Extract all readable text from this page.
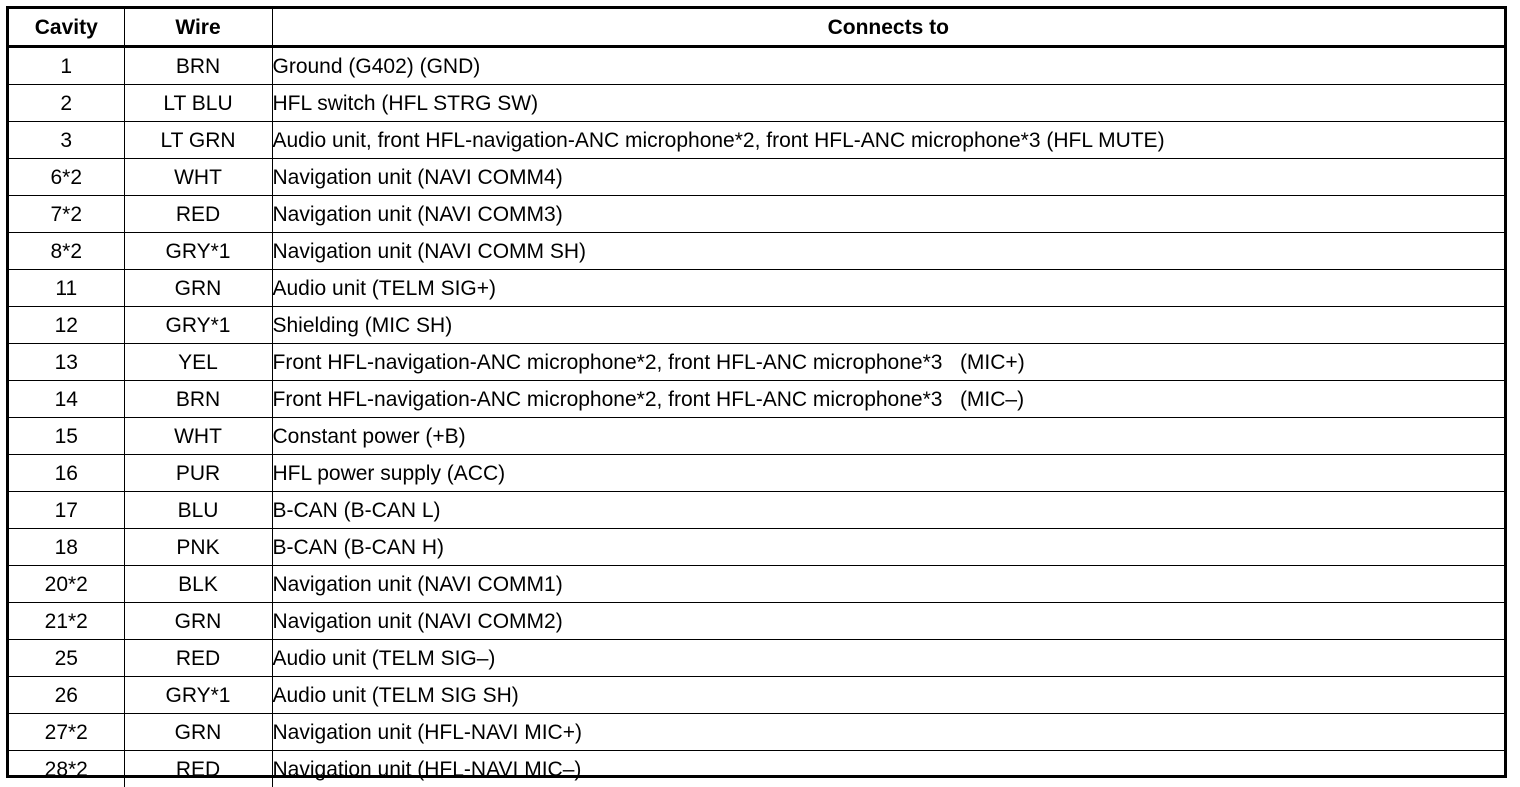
Cavity	Wire	Connects to
1	BRN	Ground (G402) (GND)
2	LT BLU	HFL switch (HFL STRG SW)
3	LT GRN	Audio unit, front HFL-navigation-ANC microphone*2, front HFL-ANC microphone*3 (HFL MUTE)
6*2	WHT	Navigation unit (NAVI COMM4)
7*2	RED	Navigation unit (NAVI COMM3)
8*2	GRY*1	Navigation unit (NAVI COMM SH)
11	GRN	Audio unit (TELM SIG+)
12	GRY*1	Shielding (MIC SH)
13	YEL	Front HFL-navigation-ANC microphone*2, front HFL-ANC microphone*3   (MIC+)
14	BRN	Front HFL-navigation-ANC microphone*2, front HFL-ANC microphone*3   (MIC–)
15	WHT	Constant power (+B)
16	PUR	HFL power supply (ACC)
17	BLU	B-CAN (B-CAN L)
18	PNK	B-CAN (B-CAN H)
20*2	BLK	Navigation unit (NAVI COMM1)
21*2	GRN	Navigation unit (NAVI COMM2)
25	RED	Audio unit (TELM SIG–)
26	GRY*1	Audio unit (TELM SIG SH)
27*2	GRN	Navigation unit (HFL-NAVI MIC+)
28*2	RED	Navigation unit (HFL-NAVI MIC–)
